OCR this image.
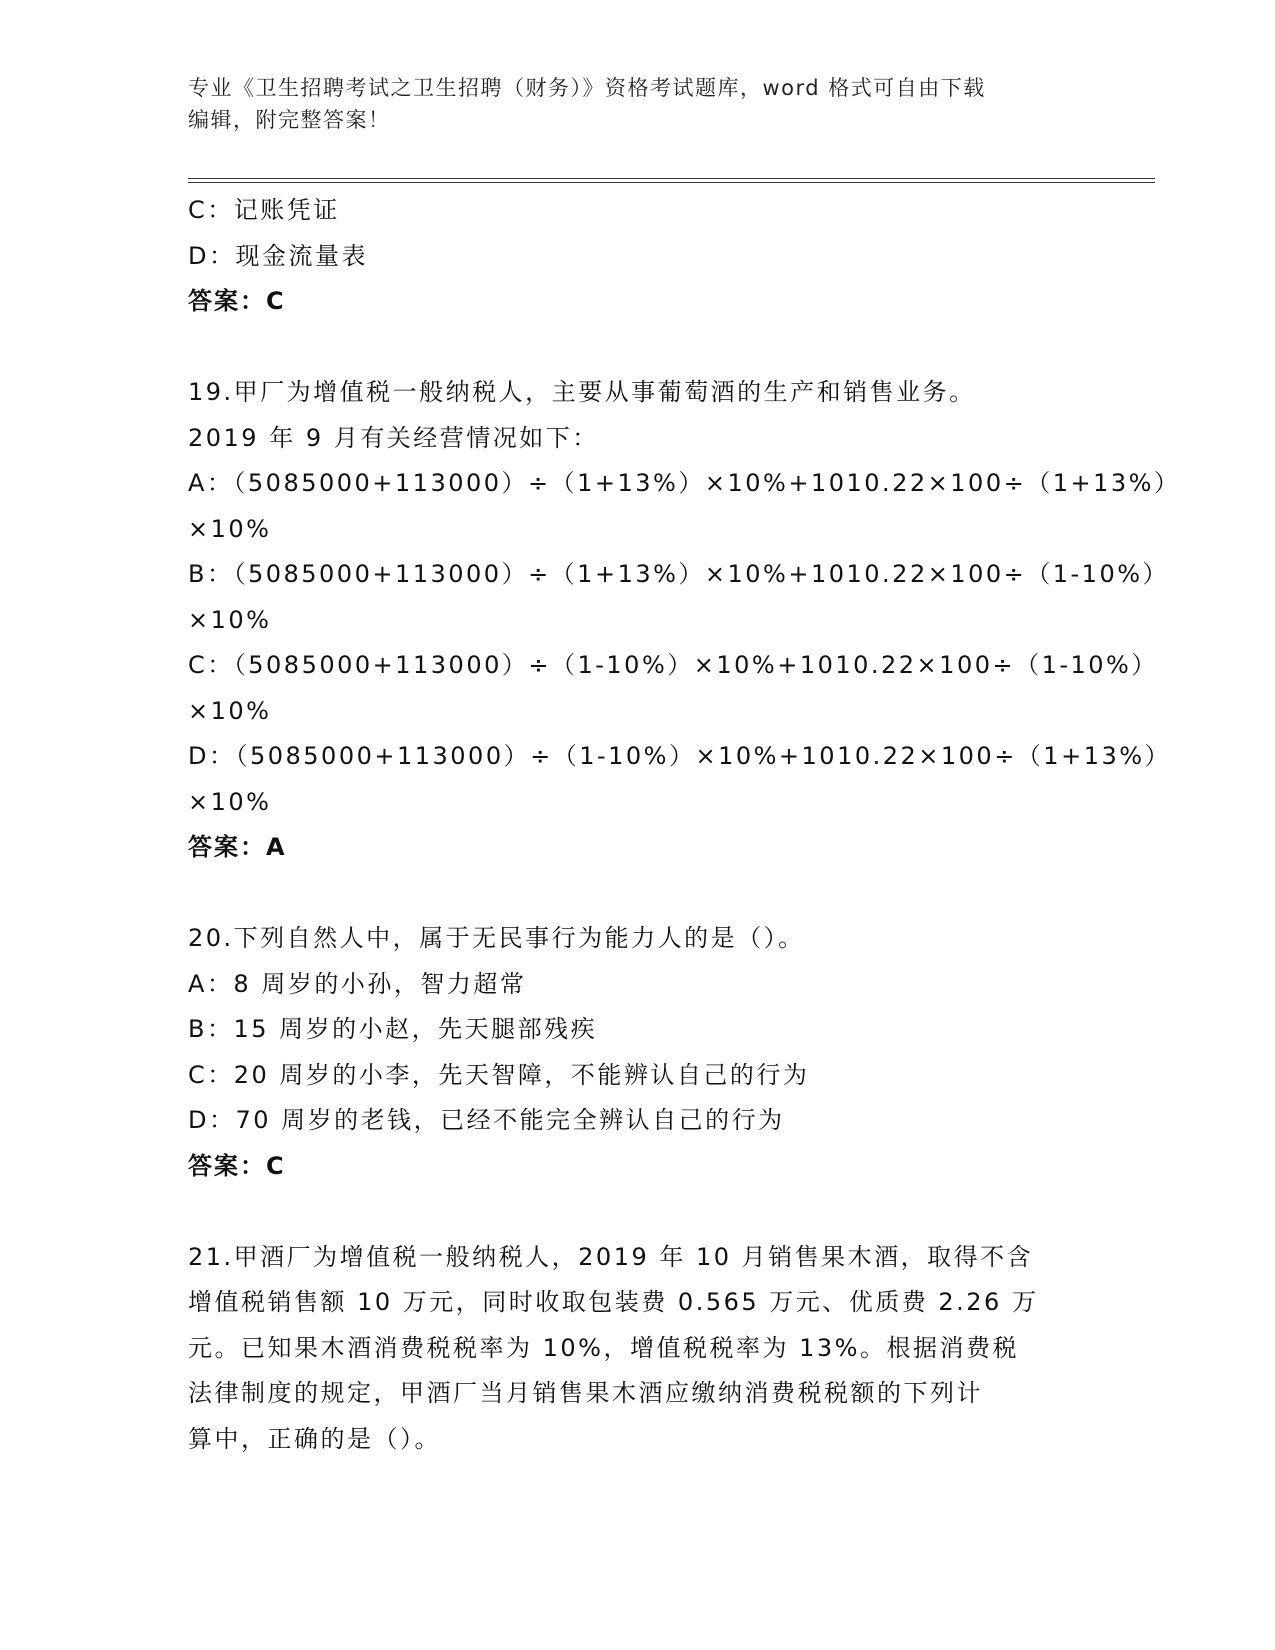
专业《卫生招聘考试之卫生招聘（财务）》资格考试题库，word 格式可自由下载
编辑，附完整答案！
C：记账凭证
D：现金流量表
答案：C
19.甲厂为增值税一般纳税人，主要从事葡萄酒的生产和销售业务。
2019 年 9 月有关经营情况如下：
A：（5085000+113000）÷（1+13%）×10%+1010.22×100÷（1+13%）
×10%
B：（5085000+113000）÷（1+13%）×10%+1010.22×100÷（1-10%）
×10%
C：（5085000+113000）÷（1-10%）×10%+1010.22×100÷（1-10%）
×10%
D：（5085000+113000）÷（1-10%）×10%+1010.22×100÷（1+13%）
×10%
答案：A
20.下列自然人中，属于无民事行为能力人的是（）。
A：8 周岁的小孙，智力超常
B：15 周岁的小赵，先天腿部残疾
C：20 周岁的小李，先天智障，不能辨认自己的行为
D：70 周岁的老钱，已经不能完全辨认自己的行为
答案：C
21.甲酒厂为增值税一般纳税人，2019 年 10 月销售果木酒，取得不含
增值税销售额 10 万元，同时收取包装费 0.565 万元、优质费 2.26 万
元。已知果木酒消费税税率为 10%，增值税税率为 13%。根据消费税
法律制度的规定，甲酒厂当月销售果木酒应缴纳消费税税额的下列计
算中，正确的是（）。
